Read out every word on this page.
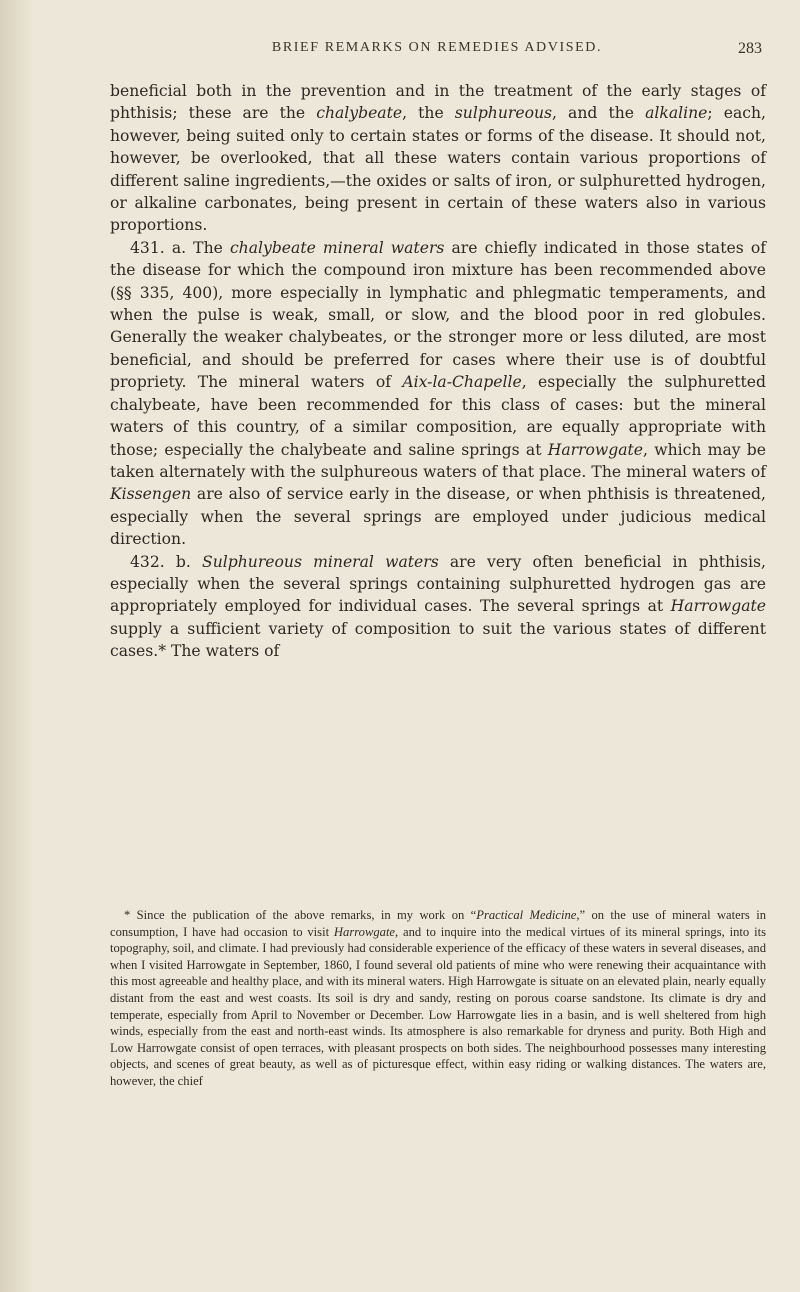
BRIEF REMARKS ON REMEDIES ADVISED.	283

beneficial both in the prevention and in the treatment of the early stages of phthisis; these are the chalybeate, the sulphureous, and the alkaline; each, however, being suited only to certain states or forms of the disease. It should not, however, be overlooked, that all these waters contain various proportions of different saline ingredients,—the oxides or salts of iron, or sulphuretted hydrogen, or alkaline carbonates, being present in certain of these waters also in various proportions.

431. a. The chalybeate mineral waters are chiefly indicated in those states of the disease for which the compound iron mixture has been recommended above (§§ 335, 400), more especially in lymphatic and phlegmatic temperaments, and when the pulse is weak, small, or slow, and the blood poor in red globules. Generally the weaker chalybeates, or the stronger more or less diluted, are most beneficial, and should be preferred for cases where their use is of doubtful propriety. The mineral waters of Aix-la-Chapelle, especially the sulphuretted chalybeate, have been recommended for this class of cases: but the mineral waters of this country, of a similar composition, are equally appropriate with those; especially the chalybeate and saline springs at Harrowgate, which may be taken alternately with the sulphureous waters of that place. The mineral waters of Kissengen are also of service early in the disease, or when phthisis is threatened, especially when the several springs are employed under judicious medical direction.

432. b. Sulphureous mineral waters are very often beneficial in phthisis, especially when the several springs containing sulphuretted hydrogen gas are appropriately employed for individual cases. The several springs at Harrowgate supply a sufficient variety of composition to suit the various states of different cases.* The waters of

* Since the publication of the above remarks, in my work on “Practical Medicine,” on the use of mineral waters in consumption, I have had occasion to visit Harrowgate, and to inquire into the medical virtues of its mineral springs, into its topography, soil, and climate. I had previously had considerable experience of the efficacy of these waters in several diseases, and when I visited Harrowgate in September, 1860, I found several old patients of mine who were renewing their acquaintance with this most agreeable and healthy place, and with its mineral waters. High Harrowgate is situate on an elevated plain, nearly equally distant from the east and west coasts. Its soil is dry and sandy, resting on porous coarse sandstone. Its climate is dry and temperate, especially from April to November or December. Low Harrowgate lies in a basin, and is well sheltered from high winds, especially from the east and north-east winds. Its atmosphere is also remarkable for dryness and purity. Both High and Low Harrowgate consist of open terraces, with pleasant prospects on both sides. The neighbourhood possesses many interesting objects, and scenes of great beauty, as well as of picturesque effect, within easy riding or walking distances. The waters are, however, the chief
